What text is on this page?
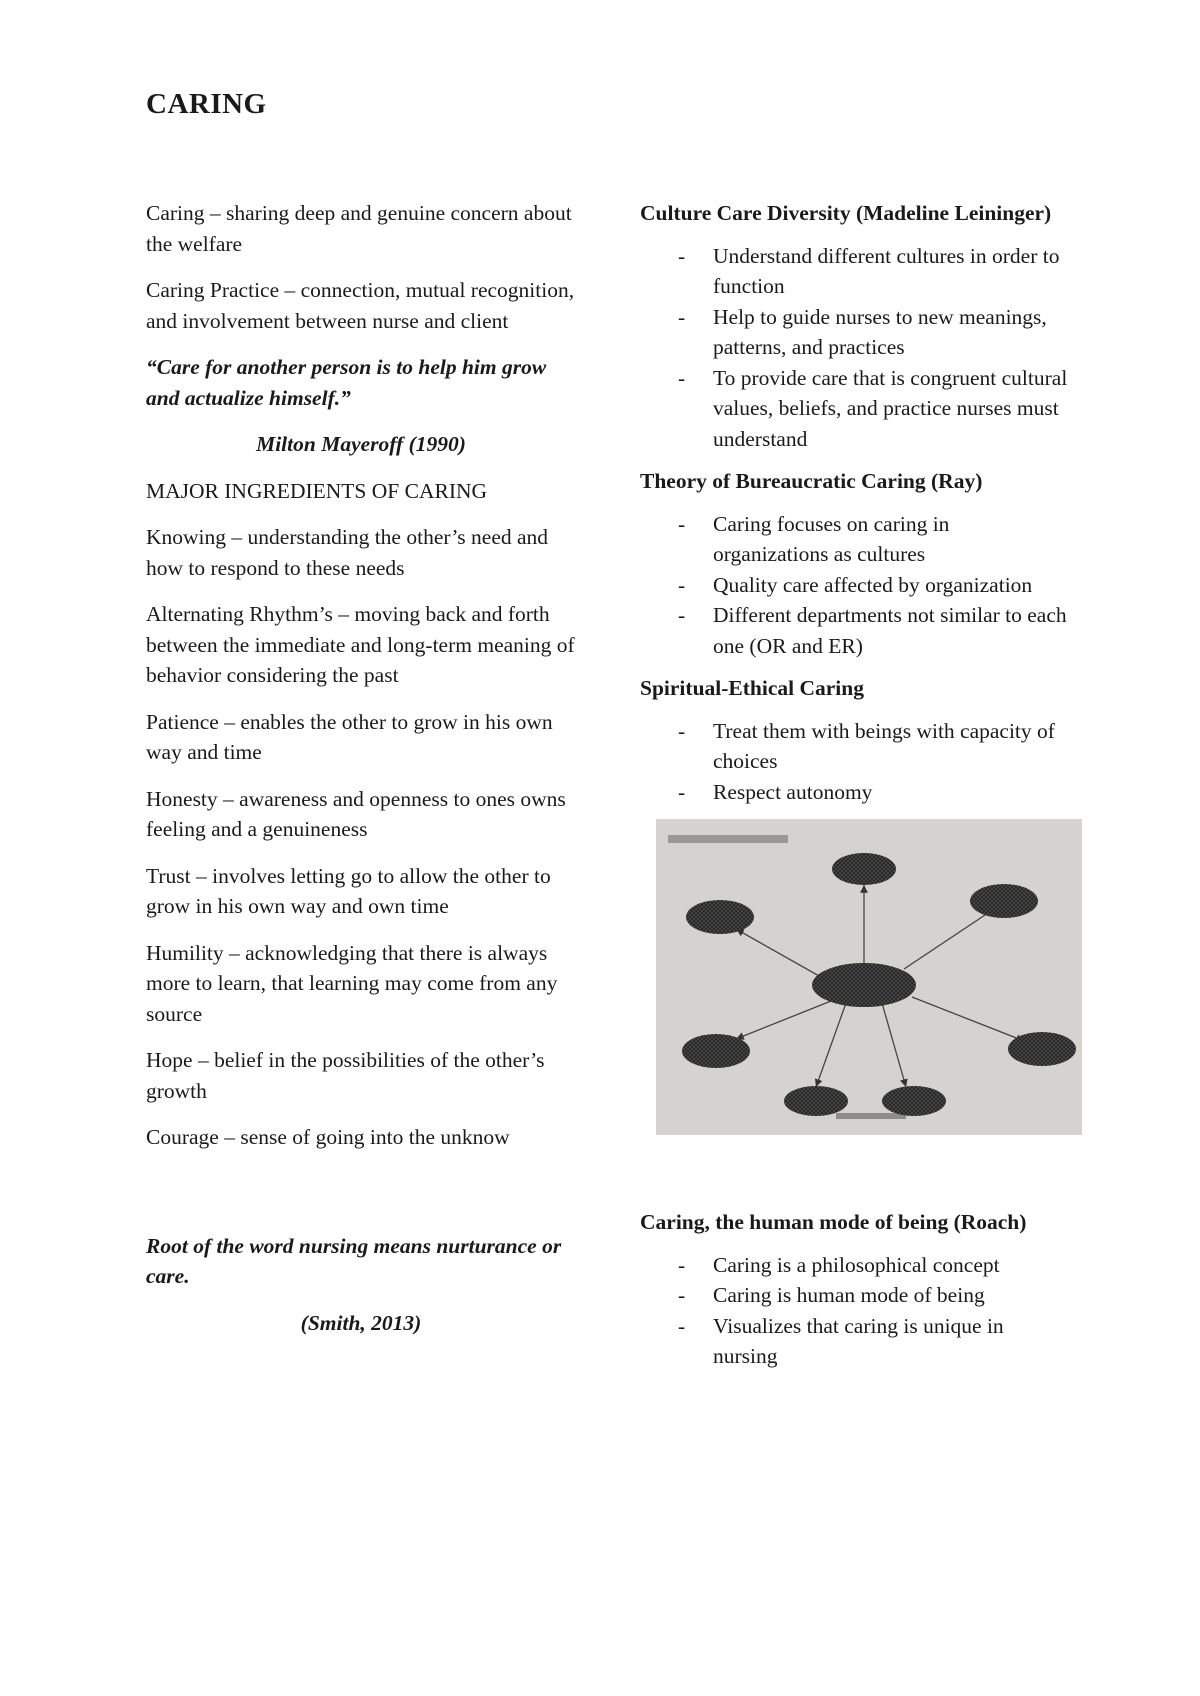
CARING

Caring – sharing deep and genuine concern about the welfare

Caring Practice – connection, mutual recognition, and involvement between nurse and client

“Care for another person is to help him grow and actualize himself.”

Milton Mayeroff (1990)

MAJOR INGREDIENTS OF CARING

Knowing – understanding the other’s need and how to respond to these needs

Alternating Rhythm’s – moving back and forth between the immediate and long-term meaning of behavior considering the past

Patience – enables the other to grow in his own way and time

Honesty – awareness and openness to ones owns feeling and a genuineness

Trust – involves letting go to allow the other to grow in his own way and own time

Humility – acknowledging that there is always more to learn, that learning may come from any source

Hope – belief in the possibilities of the other’s growth

Courage – sense of going into the unknow

Root of the word nursing means nurturance or care.

(Smith, 2013)

Culture Care Diversity (Madeline Leininger)

- Understand different cultures in order to function
- Help to guide nurses to new meanings, patterns, and practices
- To provide care that is congruent cultural values, beliefs, and practice nurses must understand

Theory of Bureaucratic Caring (Ray)

- Caring focuses on caring in organizations as cultures
- Quality care affected by organization
- Different departments not similar to each one (OR and ER)

Spiritual-Ethical Caring

- Treat them with beings with capacity of choices
- Respect autonomy

Caring, the human mode of being (Roach)

- Caring is a philosophical concept
- Caring is human mode of being
- Visualizes that caring is unique in nursing
